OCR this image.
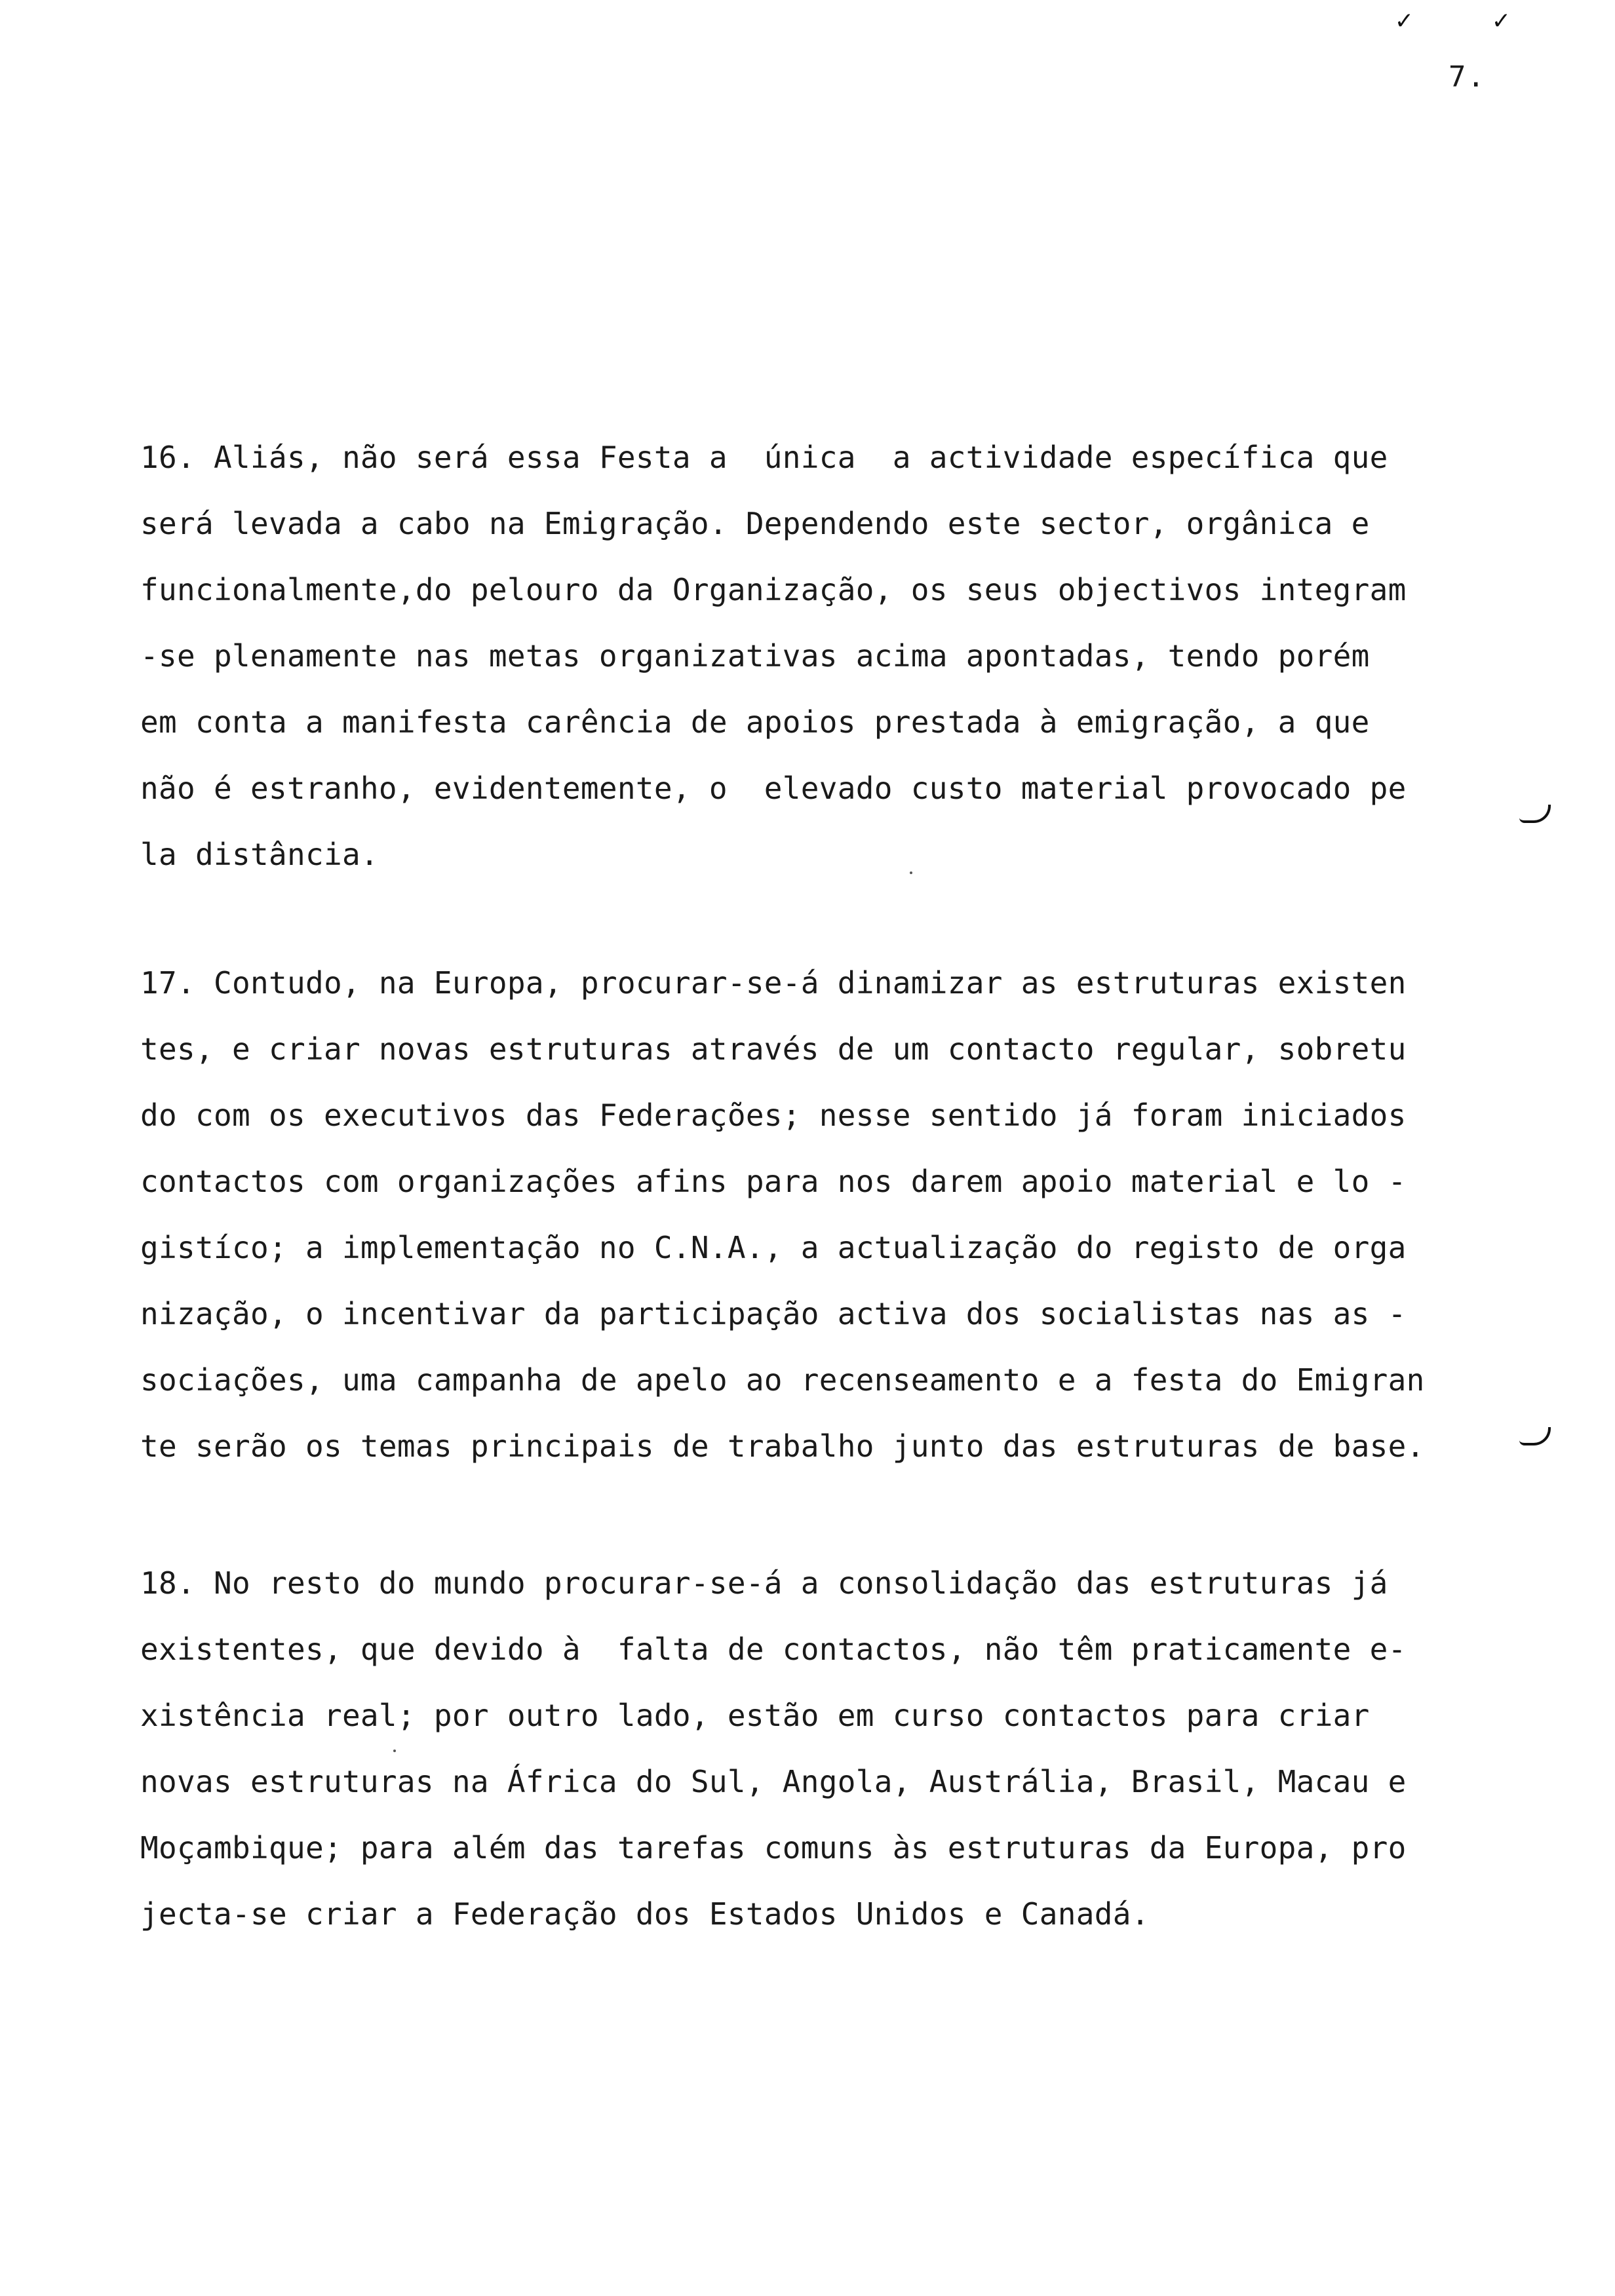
✓	✓
7.
16. Aliás, não será essa Festa a  única  a actividade específica que
será levada a cabo na Emigração. Dependendo este sector, orgânica e
funcionalmente,do pelouro da Organização, os seus objectivos integram
-se plenamente nas metas organizativas acima apontadas, tendo porém
em conta a manifesta carência de apoios prestada à emigração, a que
não é estranho, evidentemente, o  elevado custo material provocado pe
la distância.
17. Contudo, na Europa, procurar-se-á dinamizar as estruturas existen
tes, e criar novas estruturas através de um contacto regular, sobretu
do com os executivos das Federações; nesse sentido já foram iniciados
contactos com organizações afins para nos darem apoio material e lo -
gistíco; a implementação no C.N.A., a actualização do registo de orga
nização, o incentivar da participação activa dos socialistas nas as -
sociações, uma campanha de apelo ao recenseamento e a festa do Emigran
te serão os temas principais de trabalho junto das estruturas de base.
18. No resto do mundo procurar-se-á a consolidação das estruturas já
existentes, que devido à  falta de contactos, não têm praticamente e-
xistência real; por outro lado, estão em curso contactos para criar
novas estruturas na África do Sul, Angola, Austrália, Brasil, Macau e
Moçambique; para além das tarefas comuns às estruturas da Europa, pro
jecta-se criar a Federação dos Estados Unidos e Canadá.
